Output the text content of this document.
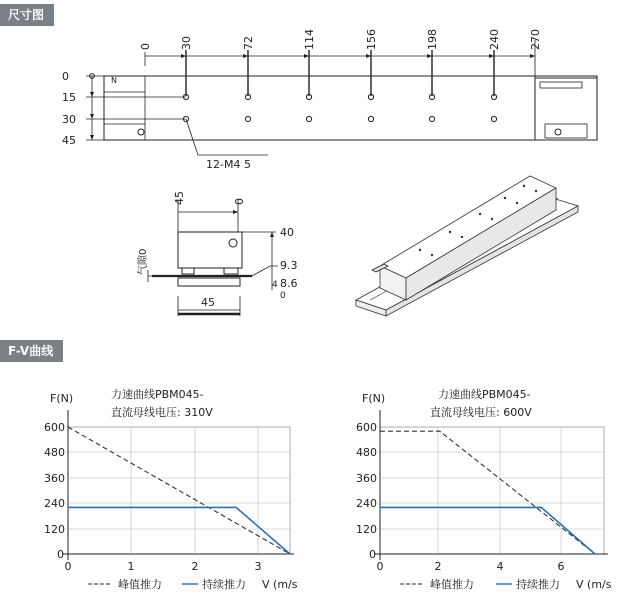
尺寸图
F-V曲线
0	30	72	114	156	198	240	270
0
15
30
45
N
12-M4 5
45	0
气隙0
40
9.3
8.6
4
0
45
F(N)	力速曲线PBM045-
直流母线电压: 310V
600
480
360
240
120
0
0	1	2	3
峰值推力	持续推力 V (m/s
F(N)	力速曲线PBM045-
直流母线电压: 600V
600
480
360
240
120
0
0	2	4	6
峰值推力	持续推力 V (m/s
